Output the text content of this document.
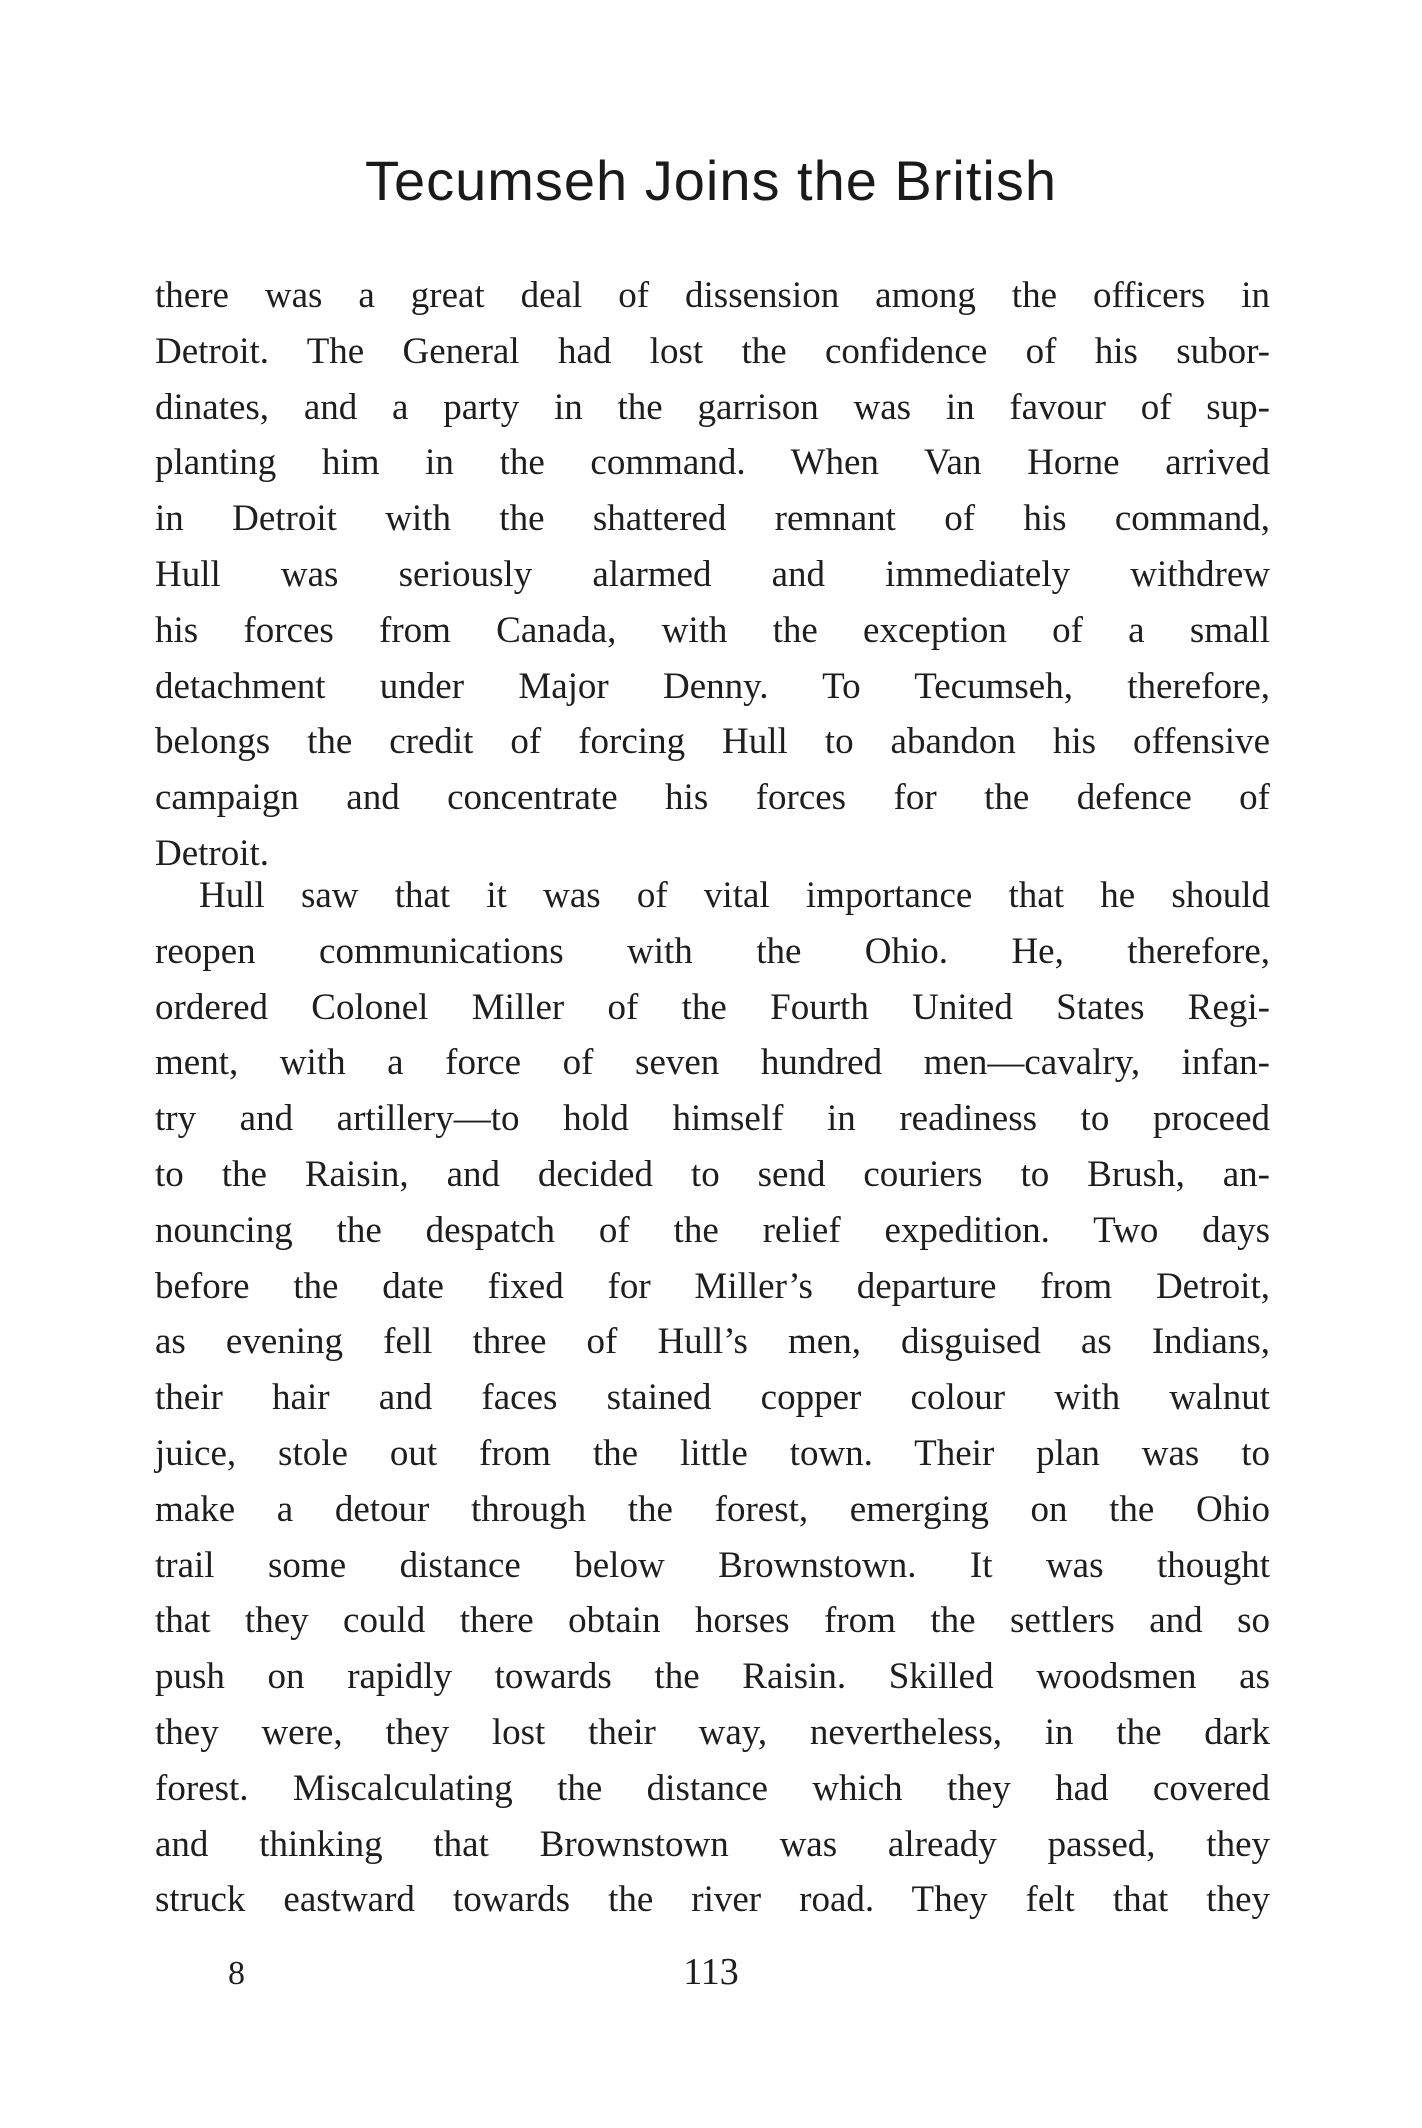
Tecumseh Joins the British
there was a great deal of dissension among the officers in
Detroit. The General had lost the confidence of his subor-
dinates, and a party in the garrison was in favour of sup-
planting him in the command. When Van Horne arrived
in Detroit with the shattered remnant of his command,
Hull was seriously alarmed and immediately withdrew
his forces from Canada, with the exception of a small
detachment under Major Denny. To Tecumseh, therefore,
belongs the credit of forcing Hull to abandon his offensive
campaign and concentrate his forces for the defence of
Detroit.
Hull saw that it was of vital importance that he should
reopen communications with the Ohio. He, therefore,
ordered Colonel Miller of the Fourth United States Regi-
ment, with a force of seven hundred men—cavalry, infan-
try and artillery—to hold himself in readiness to proceed
to the Raisin, and decided to send couriers to Brush, an-
nouncing the despatch of the relief expedition. Two days
before the date fixed for Miller’s departure from Detroit,
as evening fell three of Hull’s men, disguised as Indians,
their hair and faces stained copper colour with walnut
juice, stole out from the little town. Their plan was to
make a detour through the forest, emerging on the Ohio
trail some distance below Brownstown. It was thought
that they could there obtain horses from the settlers and so
push on rapidly towards the Raisin. Skilled woodsmen as
they were, they lost their way, nevertheless, in the dark
forest. Miscalculating the distance which they had covered
and thinking that Brownstown was already passed, they
struck eastward towards the river road. They felt that they
8	113
